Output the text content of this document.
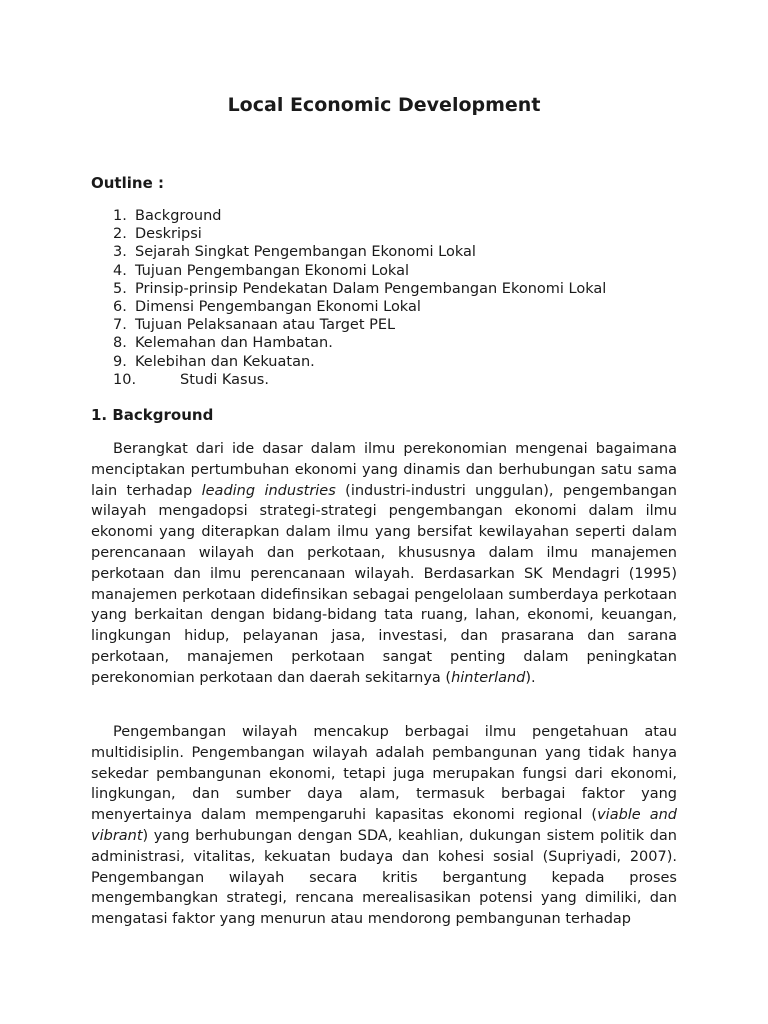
Local Economic Development
Outline :
1. Background
2. Deskripsi
3. Sejarah Singkat Pengembangan Ekonomi Lokal
4. Tujuan Pengembangan Ekonomi Lokal
5. Prinsip-prinsip Pendekatan Dalam Pengembangan Ekonomi Lokal
6. Dimensi Pengembangan Ekonomi Lokal
7. Tujuan Pelaksanaan atau Target PEL
8. Kelemahan dan Hambatan.
9. Kelebihan dan Kekuatan.
10.	Studi Kasus.
1. Background

Berangkat dari ide dasar dalam ilmu perekonomian mengenai bagaimana menciptakan pertumbuhan ekonomi yang dinamis dan berhubungan satu sama lain terhadap leading industries (industri-industri unggulan), pengembangan wilayah mengadopsi strategi-strategi pengembangan ekonomi dalam ilmu ekonomi yang diterapkan dalam ilmu yang bersifat kewilayahan seperti dalam perencanaan wilayah dan perkotaan, khususnya dalam ilmu manajemen perkotaan dan ilmu perencanaan wilayah. Berdasarkan SK Mendagri (1995) manajemen perkotaan didefinsikan sebagai pengelolaan sumberdaya perkotaan yang berkaitan dengan bidang-bidang tata ruang, lahan, ekonomi, keuangan, lingkungan hidup, pelayanan jasa, investasi, dan prasarana dan sarana perkotaan, manajemen perkotaan sangat penting dalam peningkatan perekonomian perkotaan dan daerah sekitarnya (hinterland).

Pengembangan wilayah mencakup berbagai ilmu pengetahuan atau multidisiplin. Pengembangan wilayah adalah pembangunan yang tidak hanya sekedar pembangunan ekonomi, tetapi juga merupakan fungsi dari ekonomi, lingkungan, dan sumber daya alam, termasuk berbagai faktor yang menyertainya dalam mempengaruhi kapasitas ekonomi regional (viable and vibrant) yang berhubungan dengan SDA, keahlian, dukungan sistem politik dan administrasi, vitalitas, kekuatan budaya dan kohesi sosial (Supriyadi, 2007). Pengembangan wilayah secara kritis bergantung kepada proses mengembangkan strategi, rencana merealisasikan potensi yang dimiliki, dan mengatasi faktor yang menurun atau mendorong pembangunan terhadap
